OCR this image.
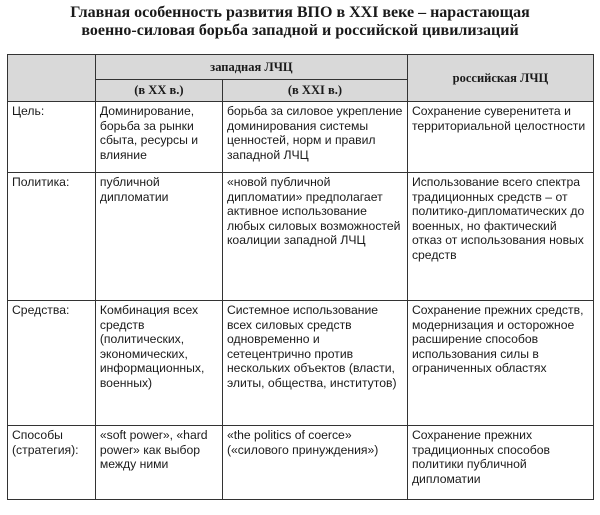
Главная особенность развития ВПО в XXI веке – нарастающая
военно-силовая борьба западной и российской цивилизаций
	западная ЛЧЦ		российская ЛЧЦ
	(в XX в.)	(в XXI в.)	
Цель:	Доминирование, борьба за рынки сбыта, ресурсы и влияние	борьба за силовое укрепление доминирования системы ценностей, норм и правил западной ЛЧЦ	Сохранение суверенитета и территориальной целостности
Политика:	публичной дипломатии	«новой публичной дипломатии» предполагает активное использование любых силовых возможностей коалиции западной ЛЧЦ	Использование всего спектра традиционных средств – от политико-дипломатических до военных, но фактический отказ от использования новых средств
Средства:	Комбинация всех средств (политических, экономических, информационных, военных)	Системное использование всех силовых средств одновременно и сетецентрично против нескольких объектов (власти, элиты, общества, институтов)	Сохранение прежних средств, модернизация и осторожное расширение способов использования силы в ограниченных областях
Способы (стратегия):	«soft power», «hard power» как выбор между ними	«the politics of coerce» («силового принуждения»)	Сохранение прежних традиционных способов политики публичной дипломатии
